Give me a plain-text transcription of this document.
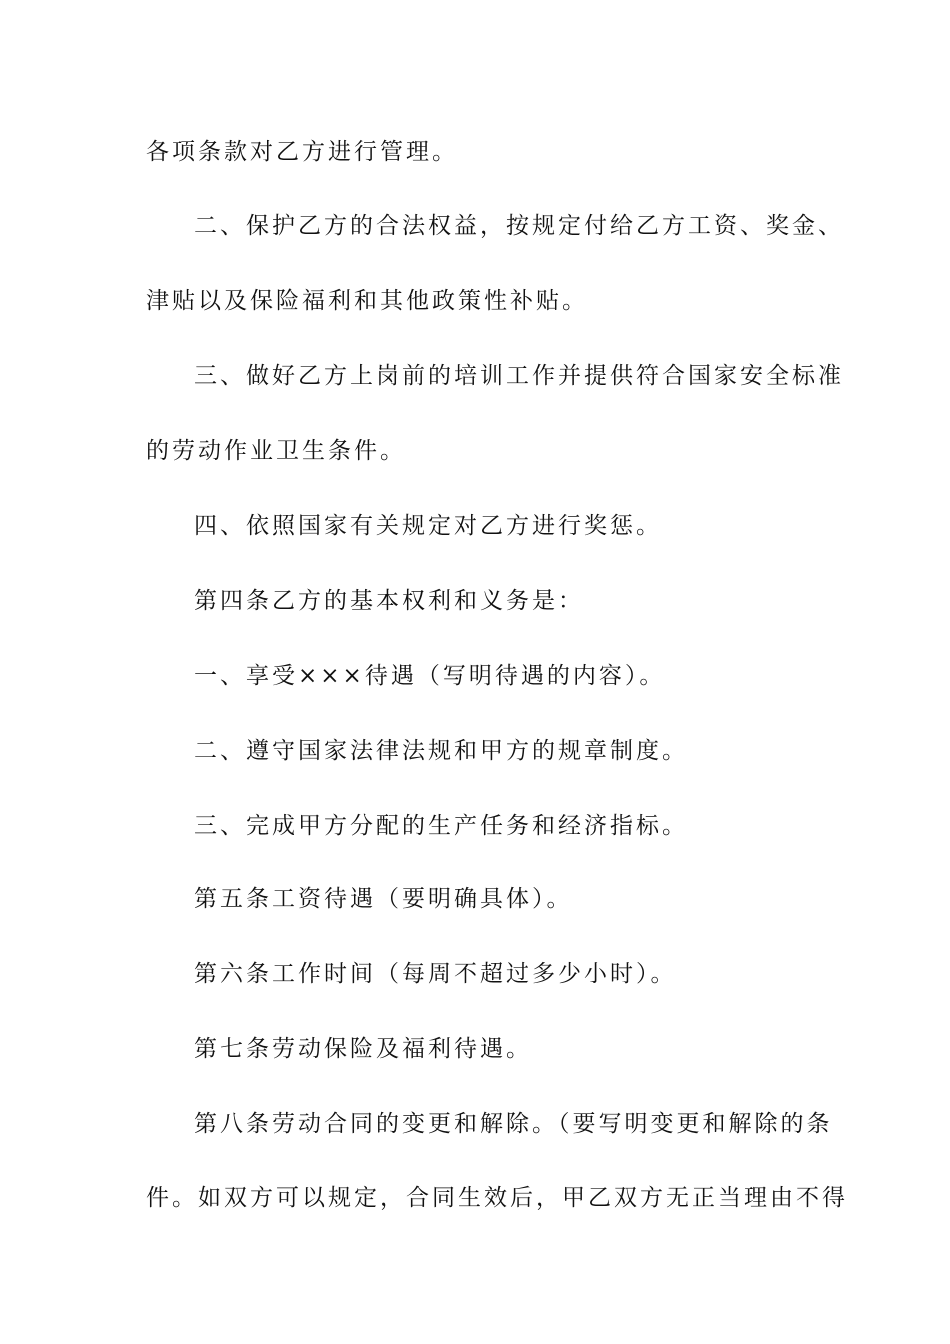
各项条款对乙方进行管理。
二、保护乙方的合法权益，按规定付给乙方工资、奖金、
津贴以及保险福利和其他政策性补贴。
三、做好乙方上岗前的培训工作并提供符合国家安全标准
的劳动作业卫生条件。
四、依照国家有关规定对乙方进行奖惩。
第四条乙方的基本权利和义务是：
一、享受×××待遇（写明待遇的内容）。
二、遵守国家法律法规和甲方的规章制度。
三、完成甲方分配的生产任务和经济指标。
第五条工资待遇（要明确具体）。
第六条工作时间（每周不超过多少小时）。
第七条劳动保险及福利待遇。
第八条劳动合同的变更和解除。（要写明变更和解除的条
件。如双方可以规定，合同生效后，甲乙双方无正当理由不得
